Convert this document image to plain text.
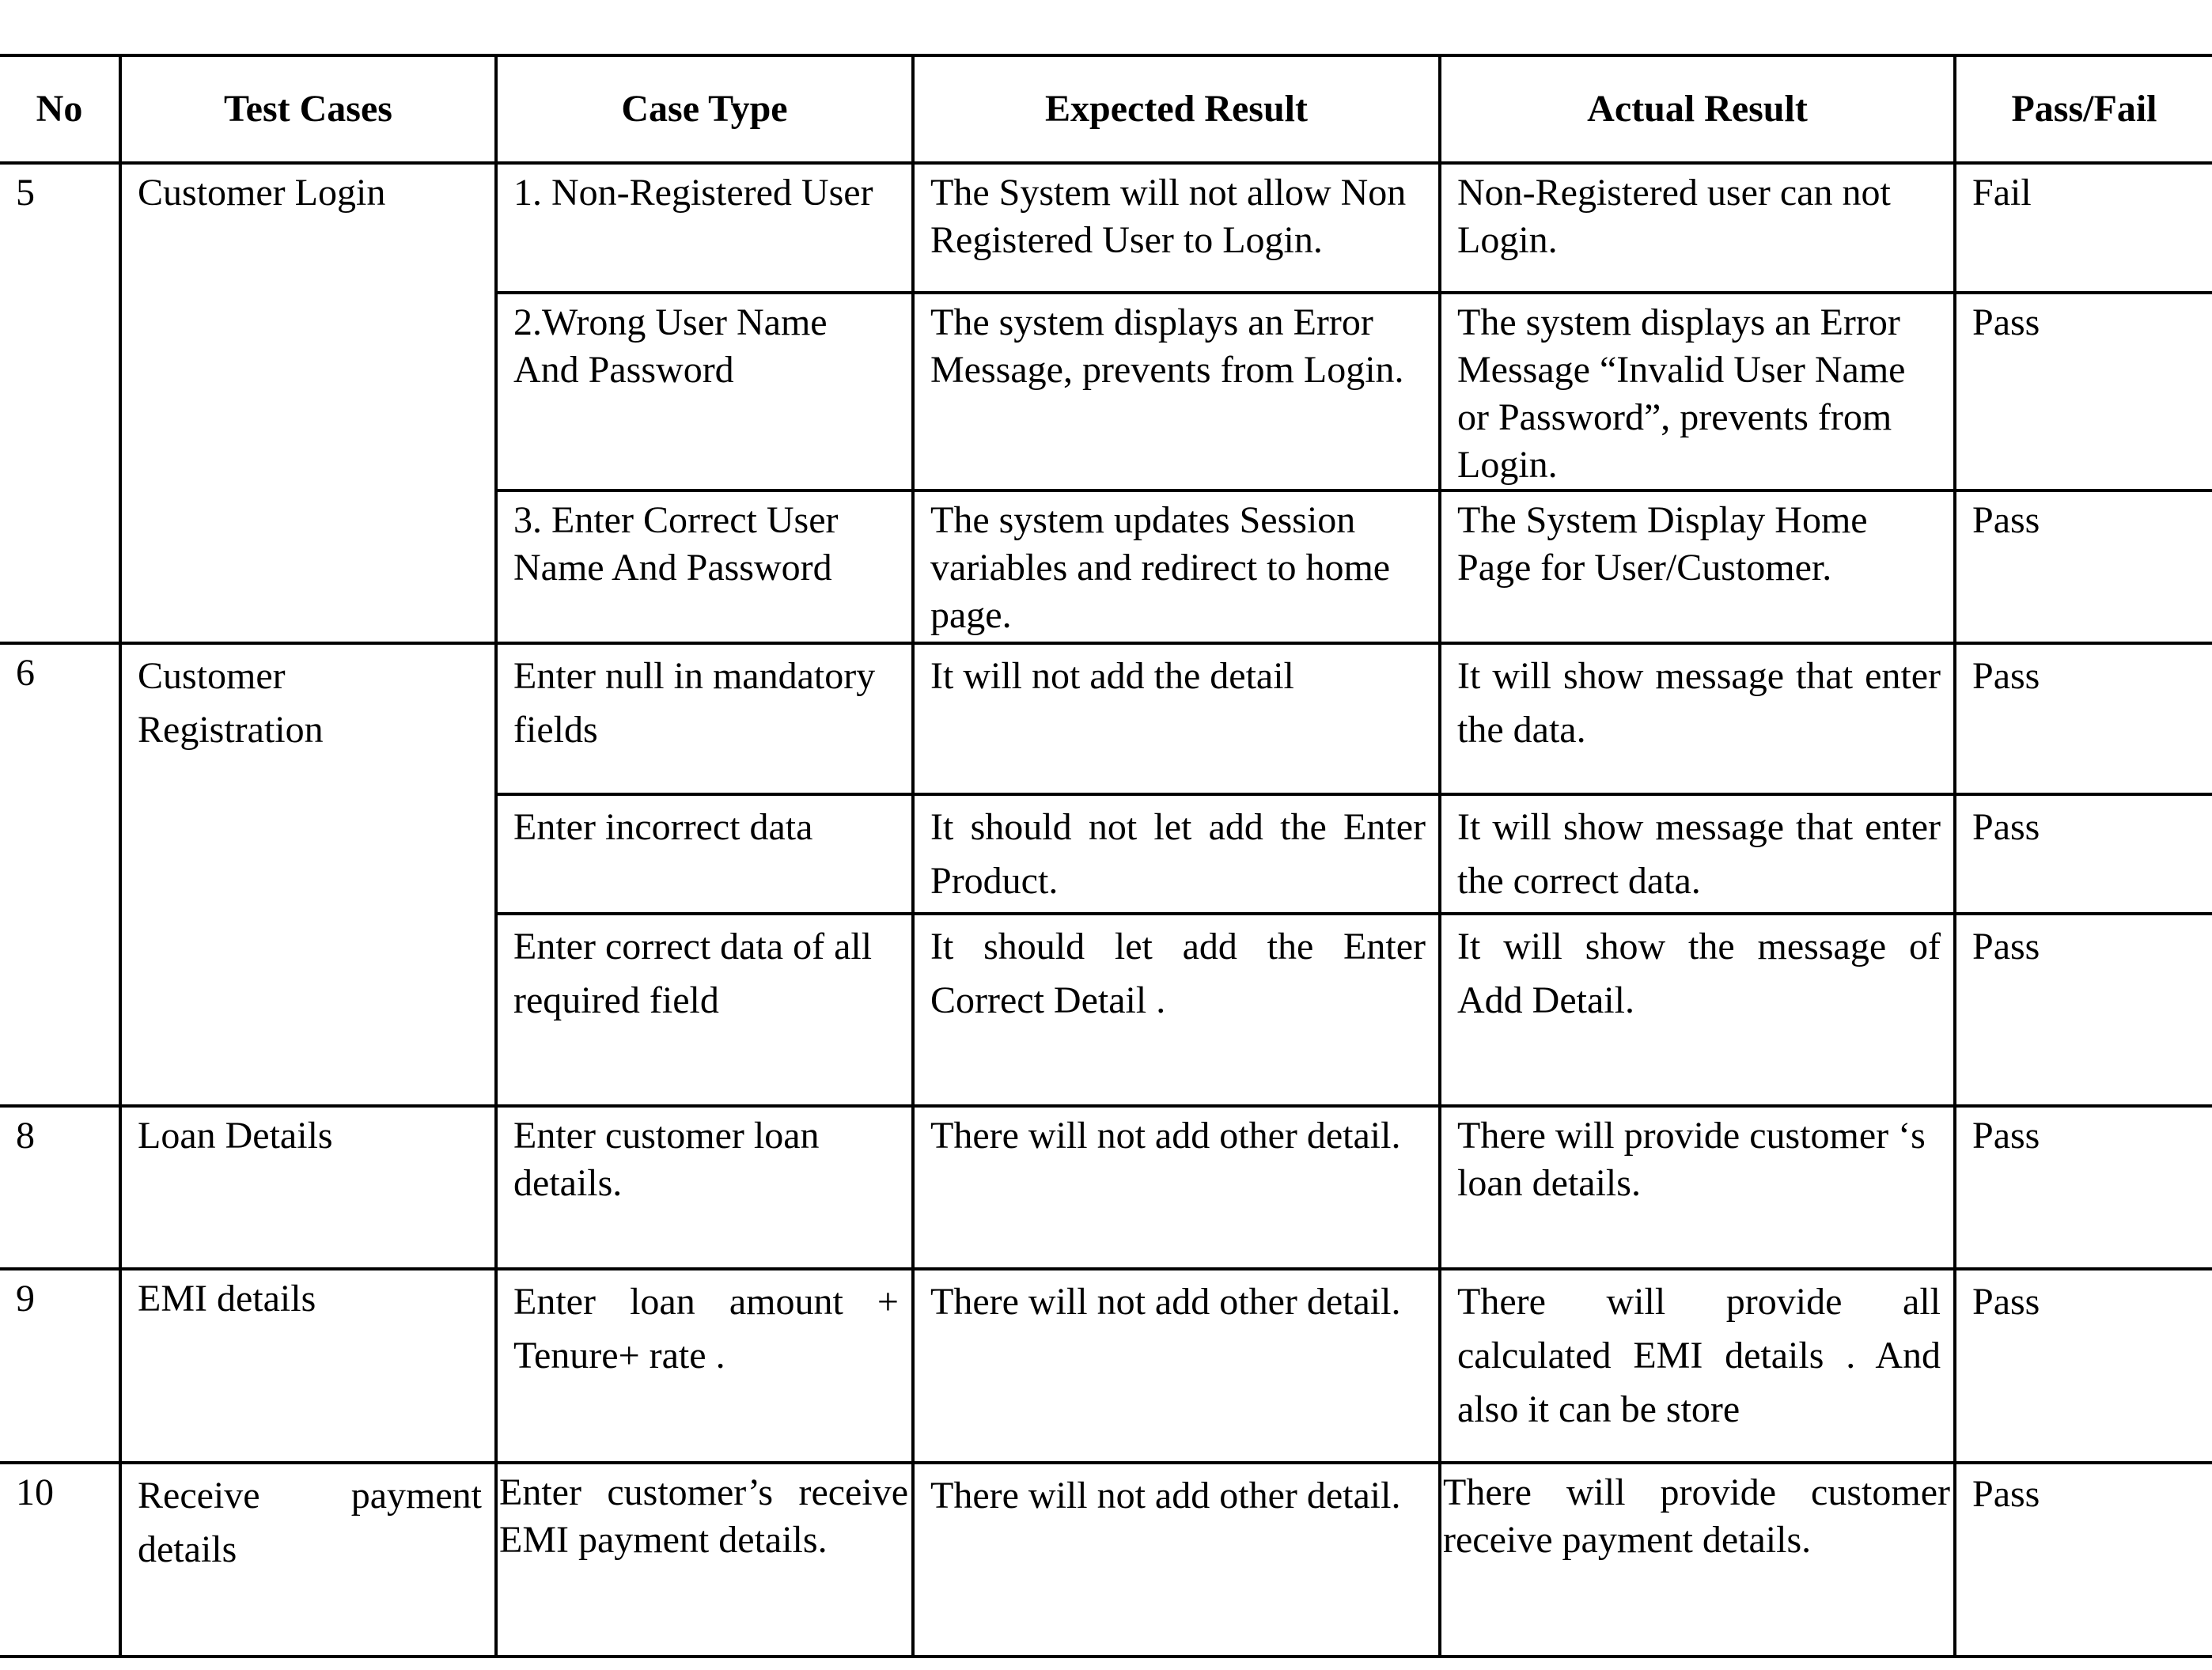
No	Test Cases	Case Type	Expected Result	Actual Result	Pass/Fail

5	Customer Login	1. Non-Registered User	The System will not allow Non Registered User to Login.	Non-Registered user can not Login.	Fail

		2.Wrong User Name And Password	The system displays an Error Message, prevents from Login.	The system displays an Error Message “Invalid User Name or Password”, prevents from Login.	Pass

		3. Enter Correct User Name And Password	The system updates Session variables and redirect to home page.	The System Display Home Page for User/Customer.	Pass

6	Customer Registration	Enter null in mandatory fields	It will not add the detail	It will show message that enter the data.	Pass

		Enter incorrect data	It should not let add the Enter Product.	It will show message that enter the correct data.	Pass

		Enter correct data of all required field	It should let add the Enter Correct Detail .	It will show the message of Add Detail.	Pass

8	Loan Details	Enter customer loan details.	There will not add other detail.	There will provide customer ‘s loan details.	Pass

9	EMI details	Enter loan amount + Tenure+ rate .	There will not add other detail.	There will provide all calculated EMI details . And also it can be store	Pass

10	Receive payment details	Enter customer’s receive EMI payment details.	There will not add other detail.	There will provide customer receive payment details.	Pass
